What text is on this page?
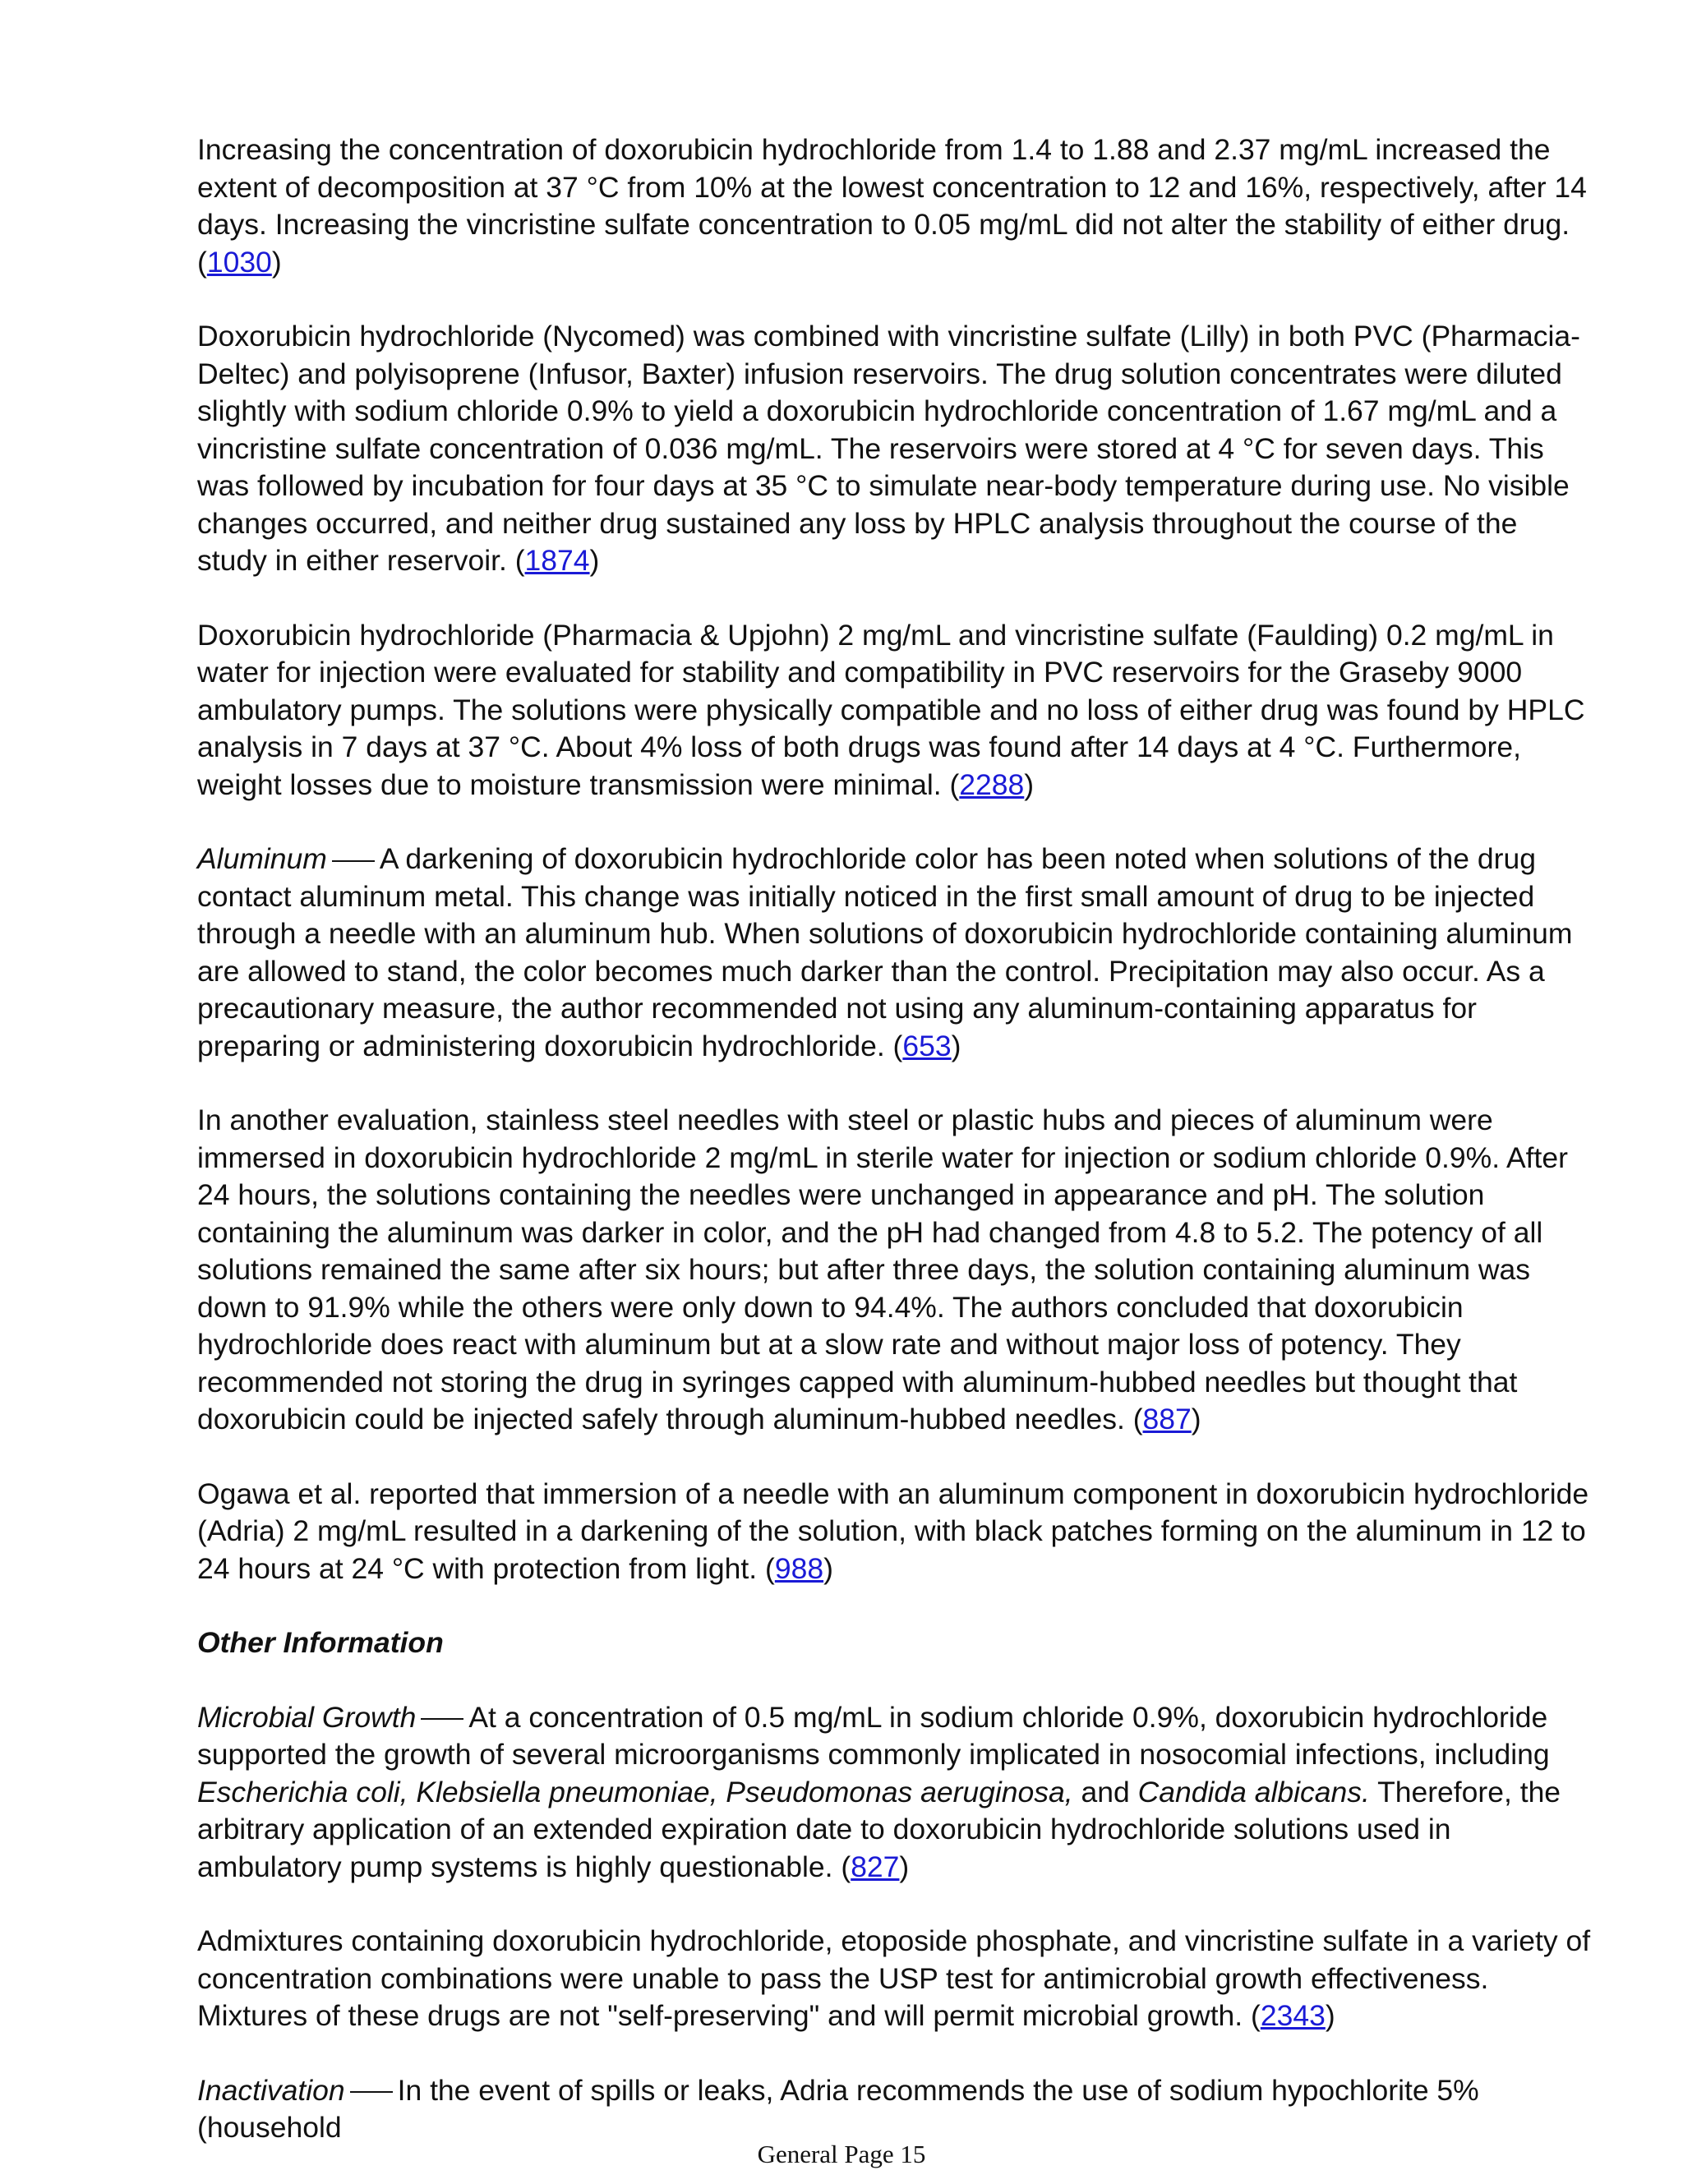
Increasing the concentration of doxorubicin hydrochloride from 1.4 to 1.88 and 2.37 mg/mL increased the extent of decomposition at 37 °C from 10% at the lowest concentration to 12 and 16%, respectively, after 14 days. Increasing the vincristine sulfate concentration to 0.05 mg/mL did not alter the stability of either drug. (1030)

Doxorubicin hydrochloride (Nycomed) was combined with vincristine sulfate (Lilly) in both PVC (Pharmacia-Deltec) and polyisoprene (Infusor, Baxter) infusion reservoirs. The drug solution concentrates were diluted slightly with sodium chloride 0.9% to yield a doxorubicin hydrochloride concentration of 1.67 mg/mL and a vincristine sulfate concentration of 0.036 mg/mL. The reservoirs were stored at 4 °C for seven days. This was followed by incubation for four days at 35 °C to simulate near-body temperature during use. No visible changes occurred, and neither drug sustained any loss by HPLC analysis throughout the course of the study in either reservoir. (1874)

Doxorubicin hydrochloride (Pharmacia & Upjohn) 2 mg/mL and vincristine sulfate (Faulding) 0.2 mg/mL in water for injection were evaluated for stability and compatibility in PVC reservoirs for the Graseby 9000 ambulatory pumps. The solutions were physically compatible and no loss of either drug was found by HPLC analysis in 7 days at 37 °C. About 4% loss of both drugs was found after 14 days at 4 °C. Furthermore, weight losses due to moisture transmission were minimal. (2288)

Aluminum A darkening of doxorubicin hydrochloride color has been noted when solutions of the drug contact aluminum metal. This change was initially noticed in the first small amount of drug to be injected through a needle with an aluminum hub. When solutions of doxorubicin hydrochloride containing aluminum are allowed to stand, the color becomes much darker than the control. Precipitation may also occur. As a precautionary measure, the author recommended not using any aluminum-containing apparatus for preparing or administering doxorubicin hydrochloride. (653)

In another evaluation, stainless steel needles with steel or plastic hubs and pieces of aluminum were immersed in doxorubicin hydrochloride 2 mg/mL in sterile water for injection or sodium chloride 0.9%. After 24 hours, the solutions containing the needles were unchanged in appearance and pH. The solution containing the aluminum was darker in color, and the pH had changed from 4.8 to 5.2. The potency of all solutions remained the same after six hours; but after three days, the solution containing aluminum was down to 91.9% while the others were only down to 94.4%. The authors concluded that doxorubicin hydrochloride does react with aluminum but at a slow rate and without major loss of potency. They recommended not storing the drug in syringes capped with aluminum-hubbed needles but thought that doxorubicin could be injected safely through aluminum-hubbed needles. (887)

Ogawa et al. reported that immersion of a needle with an aluminum component in doxorubicin hydrochloride (Adria) 2 mg/mL resulted in a darkening of the solution, with black patches forming on the aluminum in 12 to 24 hours at 24 °C with protection from light. (988)

Other Information

Microbial Growth At a concentration of 0.5 mg/mL in sodium chloride 0.9%, doxorubicin hydrochloride supported the growth of several microorganisms commonly implicated in nosocomial infections, including Escherichia coli, Klebsiella pneumoniae, Pseudomonas aeruginosa, and Candida albicans. Therefore, the arbitrary application of an extended expiration date to doxorubicin hydrochloride solutions used in ambulatory pump systems is highly questionable. (827)

Admixtures containing doxorubicin hydrochloride, etoposide phosphate, and vincristine sulfate in a variety of concentration combinations were unable to pass the USP test for antimicrobial growth effectiveness. Mixtures of these drugs are not "self-preserving" and will permit microbial growth. (2343)

Inactivation In the event of spills or leaks, Adria recommends the use of sodium hypochlorite 5% (household

General Page 15
